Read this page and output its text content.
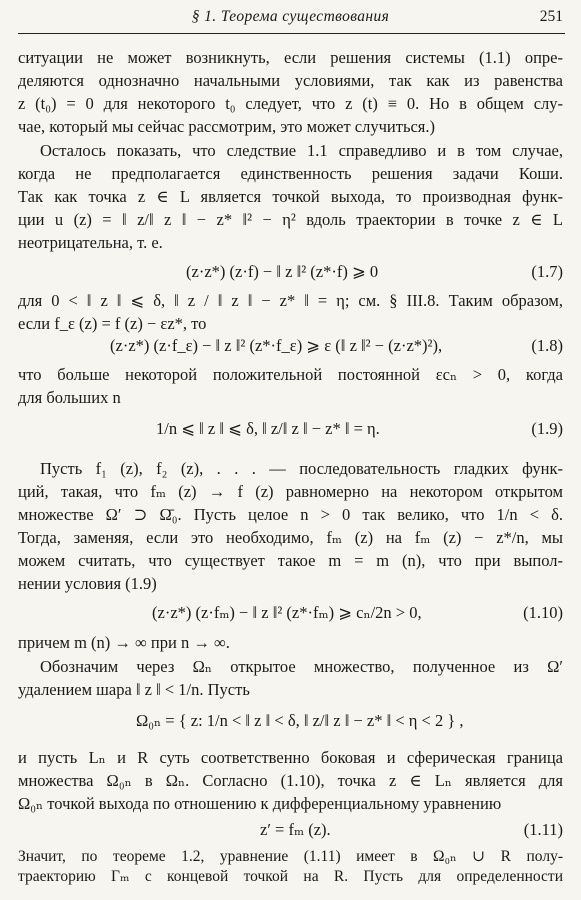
§ 1. Теорема существования	251
ситуации не может возникнуть, если решения системы (1.1) опре-
деляются однозначно начальными условиями, так как из равенства
z (t₀) = 0 для некоторого t₀ следует, что z (t) ≡ 0. Но в общем слу-
чае, который мы сейчас рассмотрим, это может случиться.)
Осталось показать, что следствие 1.1 справедливо и в том случае,
когда не предполагается единственность решения задачи Коши.
Так как точка z ∈ L является точкой выхода, то производная функ-
ции u (z) = ‖ z/‖ z ‖ − z* ‖² − η² вдоль траектории в точке z ∈ L
неотрицательна, т. е.
(z·z*) (z·f) − ‖ z ‖² (z*·f) ⩾ 0	(1.7)
для 0 < ‖ z ‖ ⩽ δ, ‖ z / ‖ z ‖ − z* ‖ = η; см. § III.8. Таким образом,
если f_ε (z) = f (z) − εz*, то
(z·z*) (z·f_ε) − ‖ z ‖² (z*·f_ε) ⩾ ε (‖ z ‖² − (z·z*)²),	(1.8)
что больше некоторой положительной постоянной εcₙ > 0, когда
для больших n
1/n ⩽ ‖ z ‖ ⩽ δ, ‖ z/‖ z ‖ − z* ‖ = η.	(1.9)
Пусть f₁ (z), f₂ (z), . . . — последовательность гладких функ-
ций, такая, что fₘ (z) → f (z) равномерно на некотором открытом
множестве Ω′ ⊃ Ω̄₀. Пусть целое n > 0 так велико, что 1/n < δ.
Тогда, заменяя, если это необходимо, fₘ (z) на fₘ (z) − z*/n, мы
можем считать, что существует такое m = m (n), что при выпол-
нении условия (1.9)
(z·z*) (z·fₘ) − ‖ z ‖² (z*·fₘ) ⩾ cₙ/2n > 0,	(1.10)
причем m (n) → ∞ при n → ∞.
Обозначим через Ωₙ открытое множество, полученное из Ω′
удалением шара ‖ z ‖ < 1/n. Пусть
Ω₀ₙ = { z: 1/n < ‖ z ‖ < δ, ‖ z/‖ z ‖ − z* ‖ < η < 2 } ,
и пусть Lₙ и R суть соответственно боковая и сферическая граница
множества Ω₀ₙ в Ωₙ. Согласно (1.10), точка z ∈ Lₙ является для
Ω₀ₙ точкой выхода по отношению к дифференциальному уравнению
z′ = fₘ (z).	(1.11)
Значит, по теореме 1.2, уравнение (1.11) имеет в Ω₀ₙ ∪ R полу-
траекторию Γₘ с концевой точкой на R. Пусть для определенности
